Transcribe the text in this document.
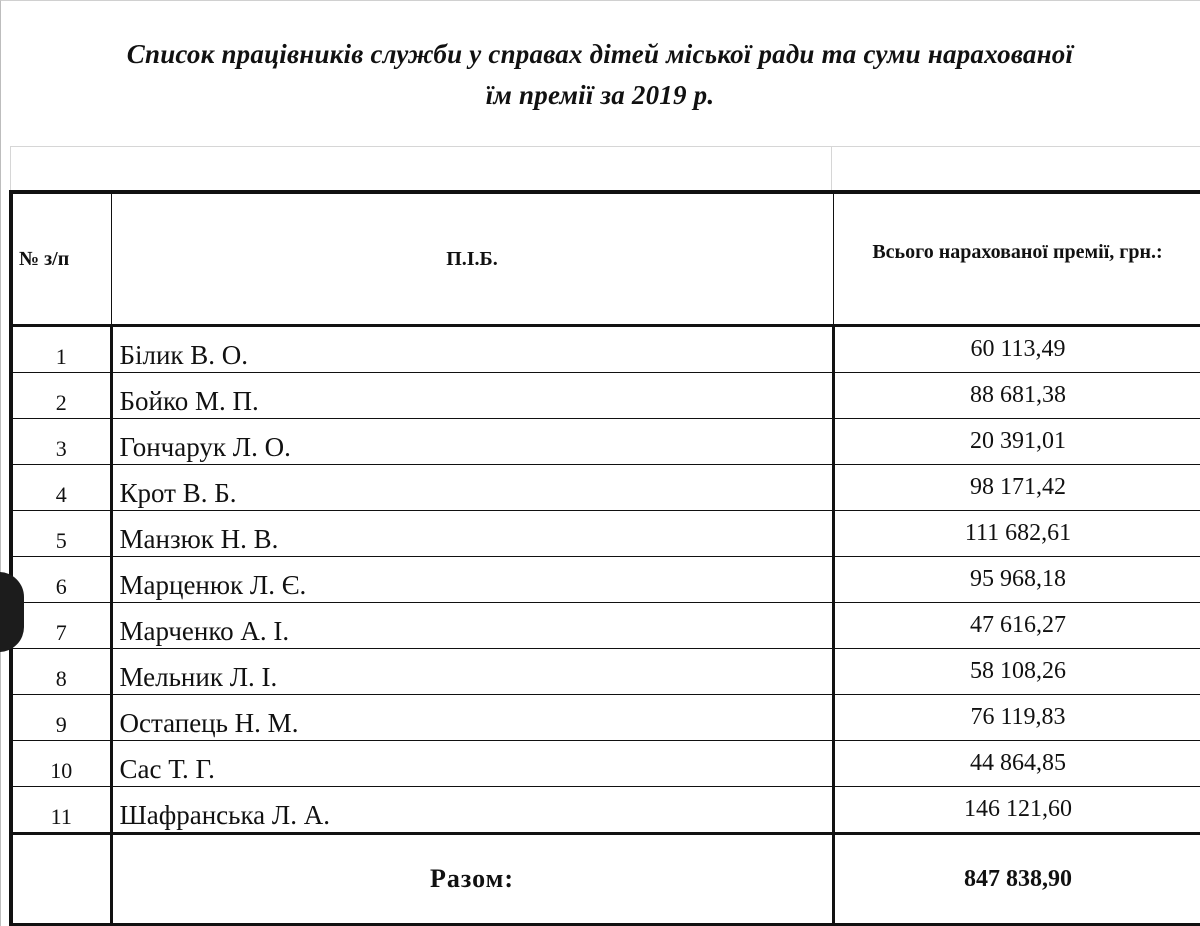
Список працівників служби у справах дітей міської ради та суми нарахованої
їм премії за 2019 р.
№ з/п	П.І.Б.	Всього нарахованої премії, грн.:
1	Білик В. О.	60 113,49
2	Бойко М. П.	88 681,38
3	Гончарук Л. О.	20 391,01
4	Крот В. Б.	98 171,42
5	Манзюк Н. В.	111 682,61
6	Марценюк Л. Є.	95 968,18
7	Марченко А. І.	47 616,27
8	Мельник Л. І.	58 108,26
9	Остапець Н. М.	76 119,83
10	Сас Т. Г.	44 864,85
11	Шафранська Л. А.	146 121,60
	Разом:	847 838,90
